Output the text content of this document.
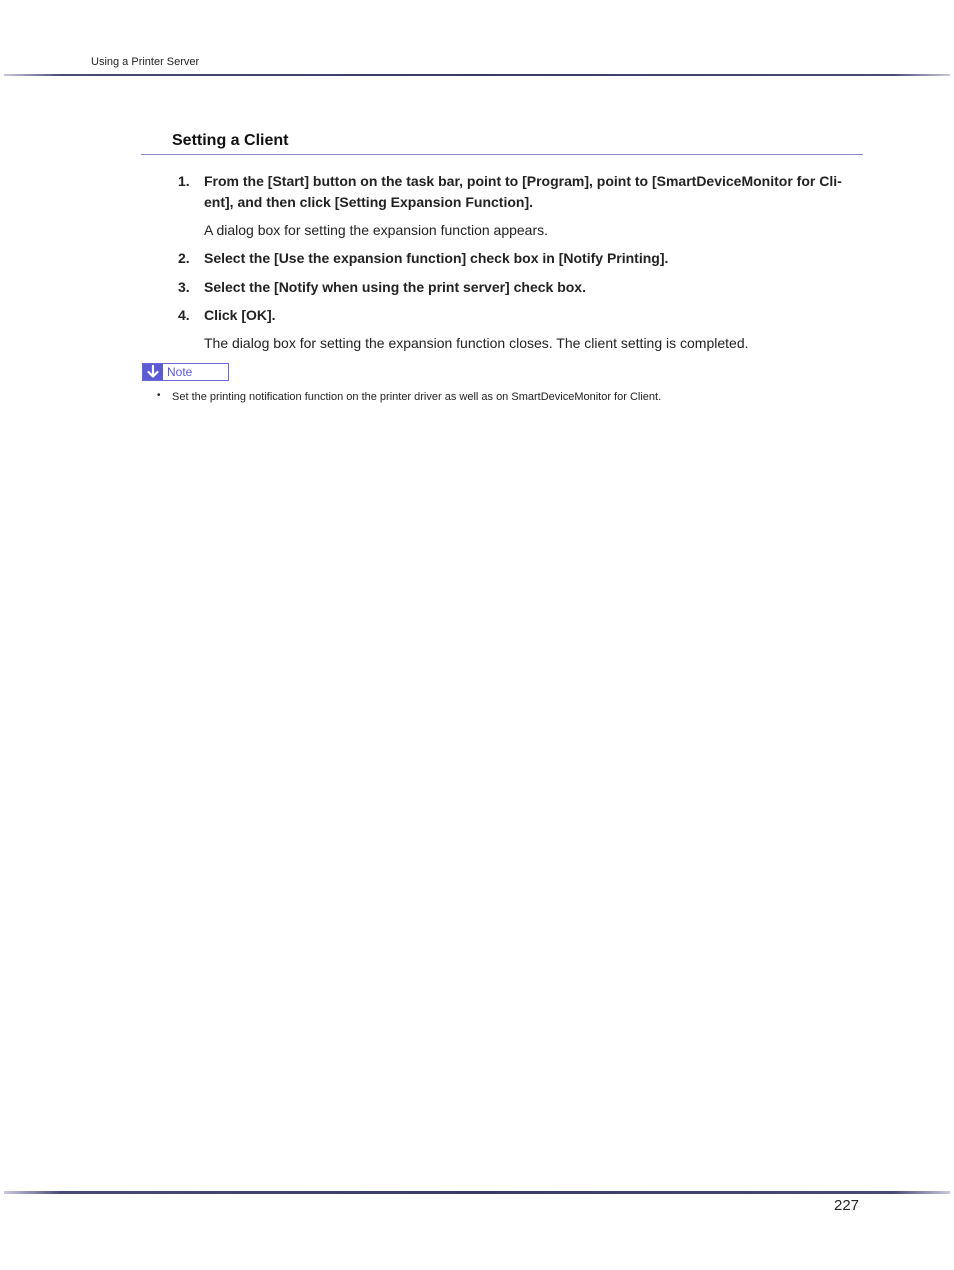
Using a Printer Server
Setting a Client
1. From the [Start] button on the task bar, point to [Program], point to [SmartDeviceMonitor for Cli-ent], and then click [Setting Expansion Function].
A dialog box for setting the expansion function appears.
2. Select the [Use the expansion function] check box in [Notify Printing].
3. Select the [Notify when using the print server] check box.
4. Click [OK].
The dialog box for setting the expansion function closes. The client setting is completed.
Note
• Set the printing notification function on the printer driver as well as on SmartDeviceMonitor for Client.
227
